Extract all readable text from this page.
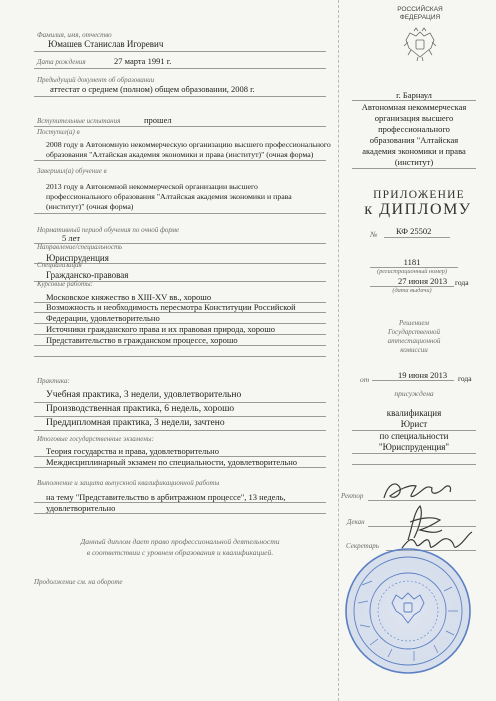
Фамилия, имя, отчество
Юмашев Станислав Игоревич
Дата рождения	27 марта 1991 г.
Предыдущий документ об образовании
аттестат о среднем (полном) общем образовании, 2008 г.
Вступительные испытания	прошел
Поступил(а) в
2008 году в Автономную некоммерческую организацию высшего профессионального
образования "Алтайская академия экономики и права (институт)" (очная форма)
Завершил(а) обучение в
2013 году в Автономной некоммерческой организации высшего
профессионального образования "Алтайская академия экономики и права
(институт)" (очная форма)
Нормативный период обучения по очной форме
5 лет
Направление/специальность
Юриспруденция
Специализация
Гражданско-правовая
Курсовые работы:
Московское княжество в XIII-XV вв., хорошо
Возможность и необходимость пересмотра Конституции Российской
Федерации, удовлетворительно
Источники гражданского права и их правовая природа, хорошо
Представительство в гражданском процессе, хорошо
Практика:
Учебная практика, 3 недели, удовлетворительно
Производственная практика, 6 недель, хорошо
Преддипломная практика, 3 недели, зачтено
Итоговые государственные экзамены:
Теория государства и права, удовлетворительно
Междисциплинарный экзамен по специальности, удовлетворительно
Выполнение и защита выпускной квалификационной работы
на тему "Представительство в арбитражном процессе", 13 недель,
удовлетворительно
Данный диплом дает право профессиональной деятельности
в соответствии с уровнем образования и квалификацией.
Продолжение см. на обороте
РОССИЙСКАЯ
ФЕДЕРАЦИЯ
г. Барнаул
Автономная некоммерческая
организация высшего
профессионального
образования "Алтайская
академия экономики и права
(институт)
ПРИЛОЖЕНИЕ
к ДИПЛОМУ
№ КФ 25502
1181
(регистрационный номер)
27 июня 2013 года
(дата выдачи)
Решением
Государственной
аттестационной
комиссии
от	19 июня 2013 года
присуждена
квалификация
Юрист
по специальности
"Юриспруденция"
Ректор
Декан
Секретарь
